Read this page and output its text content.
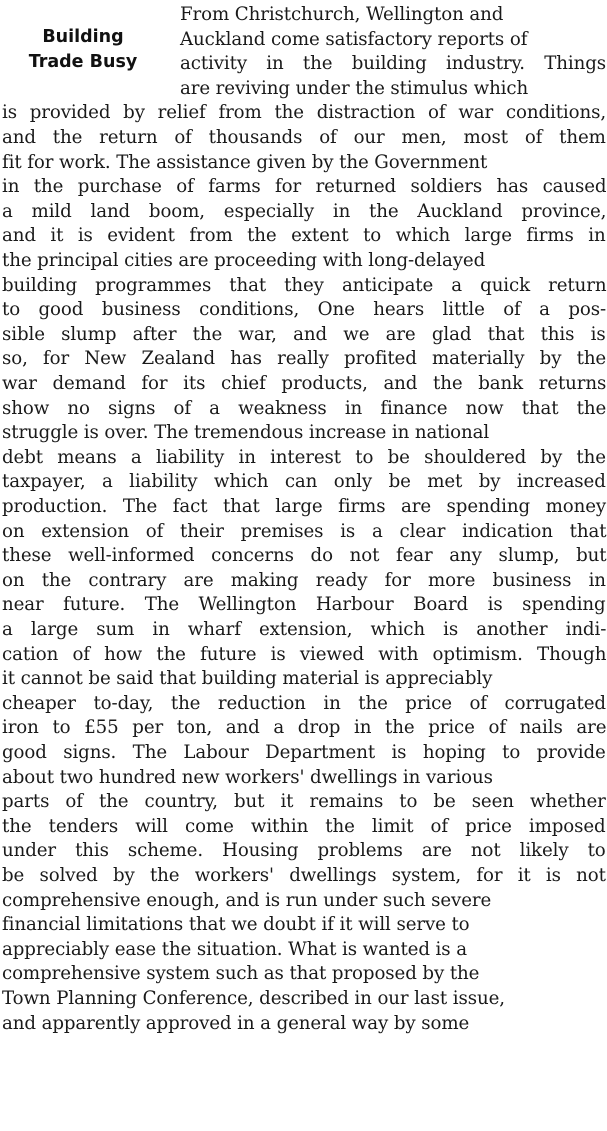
Building
Trade Busy
From Christchurch, Wellington and
Auckland come satisfactory reports of
activity in the building industry. Things
are reviving under the stimulus which
is provided by relief from the distraction of war conditions,
and the return of thousands of our men, most of them
fit for work. The assistance given by the Government
in the purchase of farms for returned soldiers has caused
a mild land boom, especially in the Auckland province,
and it is evident from the extent to which large firms in
the principal cities are proceeding with long-delayed
building programmes that they anticipate a quick return
to good business conditions, One hears little of a pos-
sible slump after the war, and we are glad that this is
so, for New Zealand has really profited materially by the
war demand for its chief products, and the bank returns
show no signs of a weakness in finance now that the
struggle is over. The tremendous increase in national
debt means a liability in interest to be shouldered by the
taxpayer, a liability which can only be met by increased
production. The fact that large firms are spending money
on extension of their premises is a clear indication that
these well-informed concerns do not fear any slump, but
on the contrary are making ready for more business in
near future. The Wellington Harbour Board is spending
a large sum in wharf extension, which is another indi-
cation of how the future is viewed with optimism. Though
it cannot be said that building material is appreciably
cheaper to-day, the reduction in the price of corrugated
iron to £55 per ton, and a drop in the price of nails are
good signs. The Labour Department is hoping to provide
about two hundred new workers' dwellings in various
parts of the country, but it remains to be seen whether
the tenders will come within the limit of price imposed
under this scheme. Housing problems are not likely to
be solved by the workers' dwellings system, for it is not
comprehensive enough, and is run under such severe
financial limitations that we doubt if it will serve to
appreciably ease the situation. What is wanted is a
comprehensive system such as that proposed by the
Town Planning Conference, described in our last issue,
and apparently approved in a general way by some
